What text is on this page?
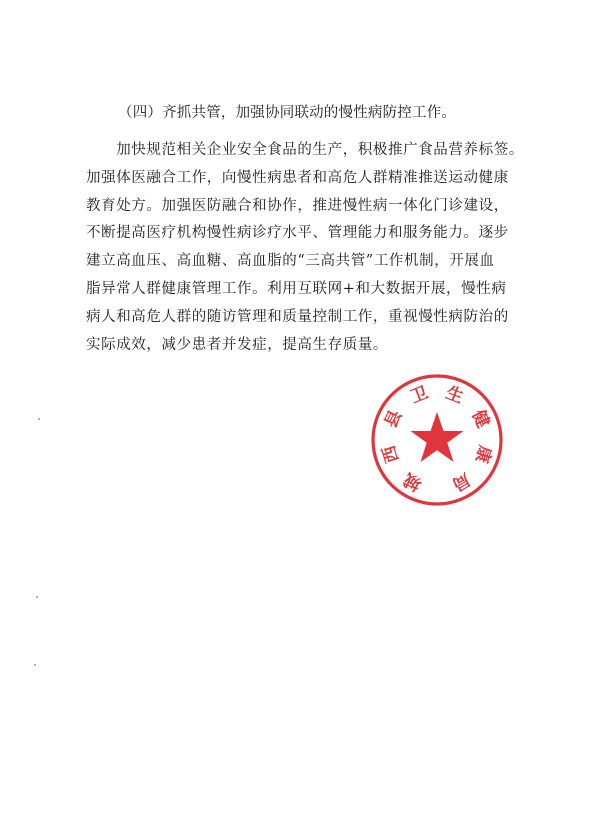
（四）齐抓共管，加强协同联动的慢性病防控工作。
　　加快规范相关企业安全食品的生产，积极推广食品营养标签。
加强体医融合工作，向慢性病患者和高危人群精准推送运动健康
教育处方。加强医防融合和协作，推进慢性病一体化门诊建设，
不断提高医疗机构慢性病诊疗水平、管理能力和服务能力。逐步
建立高血压、高血糖、高血脂的“三高共管”工作机制，开展血
脂异常人群健康管理工作。利用互联网+和大数据开展，慢性病
病人和高危人群的随访管理和质量控制工作，重视慢性病防治的
实际成效，减少患者并发症，提高生存质量。
城
西
县
卫 生
健
康
局
